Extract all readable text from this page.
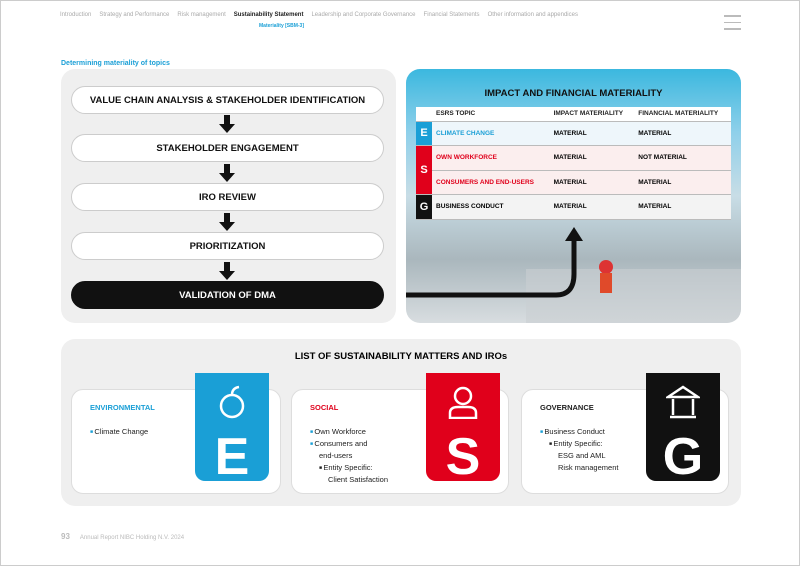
Introduction Strategy and Performance Risk management Sustainability Statement Leadership and Corporate Governance Financial Statements Other information and appendices
Materiality [SBM-3]
Determining materiality of topics
VALUE CHAIN ANALYSIS & STAKEHOLDER IDENTIFICATION
STAKEHOLDER ENGAGEMENT
IRO REVIEW
PRIORITIZATION
VALIDATION OF DMA
IMPACT AND FINANCIAL MATERIALITY
	ESRS TOPIC	IMPACT MATERIALITY	FINANCIAL MATERIALITY
E	CLIMATE CHANGE	MATERIAL	MATERIAL
S	OWN WORKFORCE	MATERIAL	NOT MATERIAL
	CONSUMERS AND END-USERS	MATERIAL	MATERIAL
G	BUSINESS CONDUCT	MATERIAL	MATERIAL
LIST OF SUSTAINABILITY MATTERS AND IROs
ENVIRONMENTAL
■ Climate Change
SOCIAL
■ Own Workforce
■ Consumers and
end-users
■ Entity Specific:
Client Satisfaction
GOVERNANCE
■ Business Conduct
■ Entity Specific:
ESG and AML
Risk management
E	S	G
93 Annual Report NIBC Holding N.V. 2024
